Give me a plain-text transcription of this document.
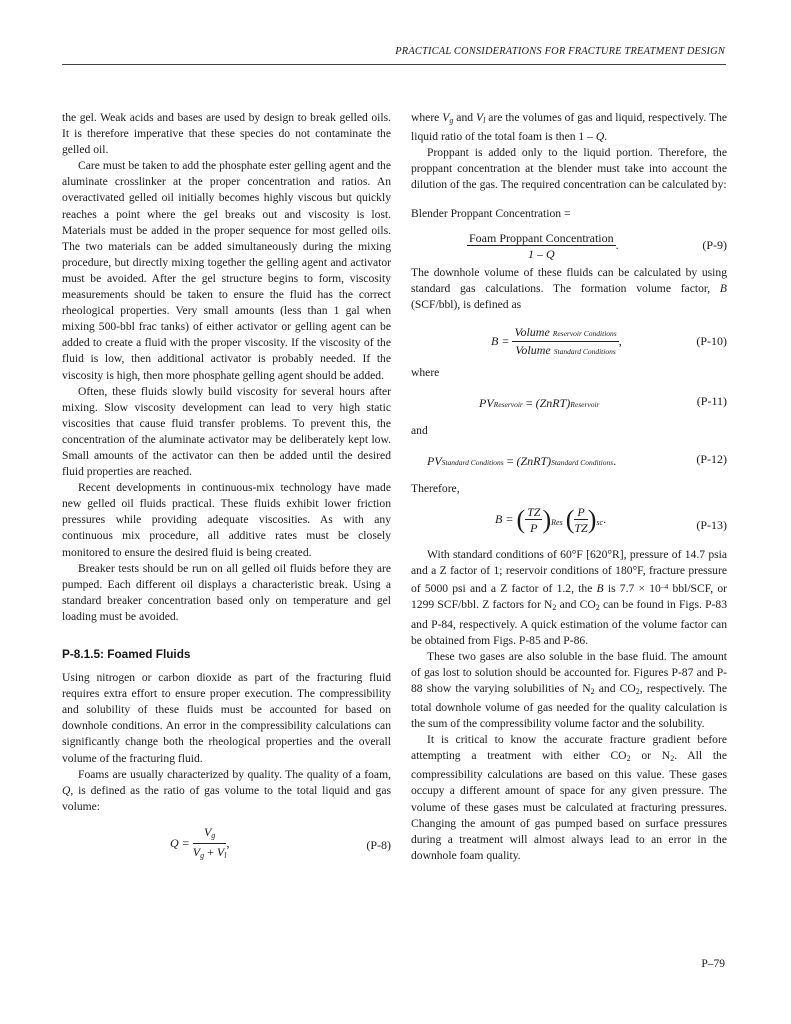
PRACTICAL CONSIDERATIONS FOR FRACTURE TREATMENT DESIGN

the gel. Weak acids and bases are used by design to break gelled oils. It is therefore imperative that these species do not contaminate the gelled oil.

Care must be taken to add the phosphate ester gelling agent and the aluminate crosslinker at the proper concentration and ratios. An overactivated gelled oil initially becomes highly viscous but quickly reaches a point where the gel breaks out and viscosity is lost. Materials must be added in the proper sequence for most gelled oils. The two materials can be added simultaneously during the mixing procedure, but directly mixing together the gelling agent and activator must be avoided. After the gel structure begins to form, viscosity measurements should be taken to ensure the fluid has the correct rheological properties. Very small amounts (less than 1 gal when mixing 500-bbl frac tanks) of either activator or gelling agent can be added to create a fluid with the proper viscosity. If the viscosity of the fluid is low, then additional activator is probably needed. If the viscosity is high, then more phosphate gelling agent should be added.

Often, these fluids slowly build viscosity for several hours after mixing. Slow viscosity development can lead to very high static viscosities that cause fluid transfer problems. To prevent this, the concentration of the aluminate activator may be deliberately kept low. Small amounts of the activator can then be added until the desired fluid properties are reached.

Recent developments in continuous-mix technology have made new gelled oil fluids practical. These fluids exhibit lower friction pressures while providing adequate viscosities. As with any continuous mix procedure, all additive rates must be closely monitored to ensure the desired fluid is being created.

Breaker tests should be run on all gelled oil fluids before they are pumped. Each different oil displays a characteristic break. Using a standard breaker concentration based only on temperature and gel loading must be avoided.

P-8.1.5: Foamed Fluids

Using nitrogen or carbon dioxide as part of the fracturing fluid requires extra effort to ensure proper execution. The compressibility and solubility of these fluids must be accounted for based on downhole conditions. An error in the compressibility calculations can significantly change both the rheological properties and the overall volume of the fracturing fluid.

Foams are usually characterized by quality. The quality of a foam, Q, is defined as the ratio of gas volume to the total liquid and gas volume:

$Q = \frac{V_g}{V_g + V_l}$ ,	(P-8)

where $V_g$ and $V_l$ are the volumes of gas and liquid, respectively. The liquid ratio of the total foam is then 1 – Q.

Proppant is added only to the liquid portion. Therefore, the proppant concentration at the blender must take into account the dilution of the gas. The required concentration can be calculated by:

Blender Proppant Concentration =
$\frac{\text{Foam Proppant Concentration}}{1 - Q}$ .	(P-9)

The downhole volume of these fluids can be calculated by using standard gas calculations. The formation volume factor, B (SCF/bbl), is defined as

$B = \frac{\text{Volume Reservoir Conditions}}{\text{Volume Standard Conditions}}$ ,	(P-10)

where

PVReservoir = (ZnRT)Reservoir	(P-11)

and

PVStandard Conditions = (ZnRT)Standard Conditions.	(P-12)

Therefore,

B = ( $\frac{TZ}{P} )_{Res}$ ( $\frac{P}{TZ} )_{sc}$.	(P-13)

With standard conditions of 60°F [620°R], pressure of 14.7 psia and a Z factor of 1; reservoir conditions of 180°F, fracture pressure of 5000 psi and a Z factor of 1.2, the B is $7.7 \times 10^{-4}$ bbl/SCF, or 1299 SCF/bbl. Z factors for $N_2$ and $CO_2$ can be found in Figs. P-83 and P-84, respectively. A quick estimation of the volume factor can be obtained from Figs. P-85 and P-86.

These two gases are also soluble in the base fluid. The amount of gas lost to solution should be accounted for. Figures P-87 and P-88 show the varying solubilities of $N_2$ and $CO_2$, respectively. The total downhole volume of gas needed for the quality calculation is the sum of the compressibility volume factor and the solubility.

It is critical to know the accurate fracture gradient before attempting a treatment with either $CO_2$ or $N_2$. All the compressibility calculations are based on this value. These gases occupy a different amount of space for any given pressure. The volume of these gases must be calculated at fracturing pressures. Changing the amount of gas pumped based on surface pressures during a treatment will almost always lead to an error in the downhole foam quality.

P–79
